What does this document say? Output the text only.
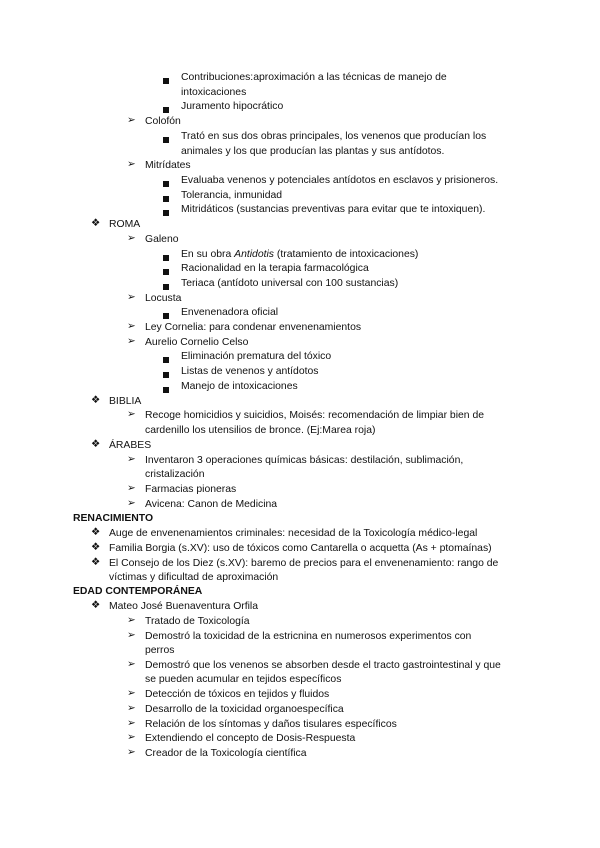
Contribuciones:aproximación a las técnicas de manejo de
intoxicaciones
Juramento hipocrático
➢ Colofón
Trató en sus dos obras principales, los venenos que producían los
animales y los que producían las plantas y sus antídotos.
➢ Mitrídates
Evaluaba venenos y potenciales antídotos en esclavos y prisioneros.
Tolerancia, inmunidad
Mitridáticos (sustancias preventivas para evitar que te intoxiquen).
❖ ROMA
➢ Galeno
En su obra Antidotis (tratamiento de intoxicaciones)
Racionalidad en la terapia farmacológica
Teriaca (antídoto universal con 100 sustancias)
➢ Locusta
Envenenadora oficial
➢ Ley Cornelia: para condenar envenenamientos
➢ Aurelio Cornelio Celso
Eliminación prematura del tóxico
Listas de venenos y antídotos
Manejo de intoxicaciones
❖ BIBLIA
➢ Recoge homicidios y suicidios, Moisés: recomendación de limpiar bien de
cardenillo los utensilios de bronce. (Ej:Marea roja)
❖ ÁRABES
➢ Inventaron 3 operaciones químicas básicas: destilación, sublimación,
cristalización
➢ Farmacias pioneras
➢ Avicena: Canon de Medicina
RENACIMIENTO
❖ Auge de envenenamientos criminales: necesidad de la Toxicología médico-legal
❖ Familia Borgia (s.XV): uso de tóxicos como Cantarella o acquetta (As + ptomaínas)
❖ El Consejo de los Diez (s.XV): baremo de precios para el envenenamiento: rango de
víctimas y dificultad de aproximación
EDAD CONTEMPORÁNEA
❖ Mateo José Buenaventura Orfila
➢ Tratado de Toxicología
➢ Demostró la toxicidad de la estricnina en numerosos experimentos con
perros
➢ Demostró que los venenos se absorben desde el tracto gastrointestinal y que
se pueden acumular en tejidos específicos
➢ Detección de tóxicos en tejidos y fluidos
➢ Desarrollo de la toxicidad organoespecífica
➢ Relación de los síntomas y daños tisulares específicos
➢ Extendiendo el concepto de Dosis-Respuesta
➢ Creador de la Toxicología científica
